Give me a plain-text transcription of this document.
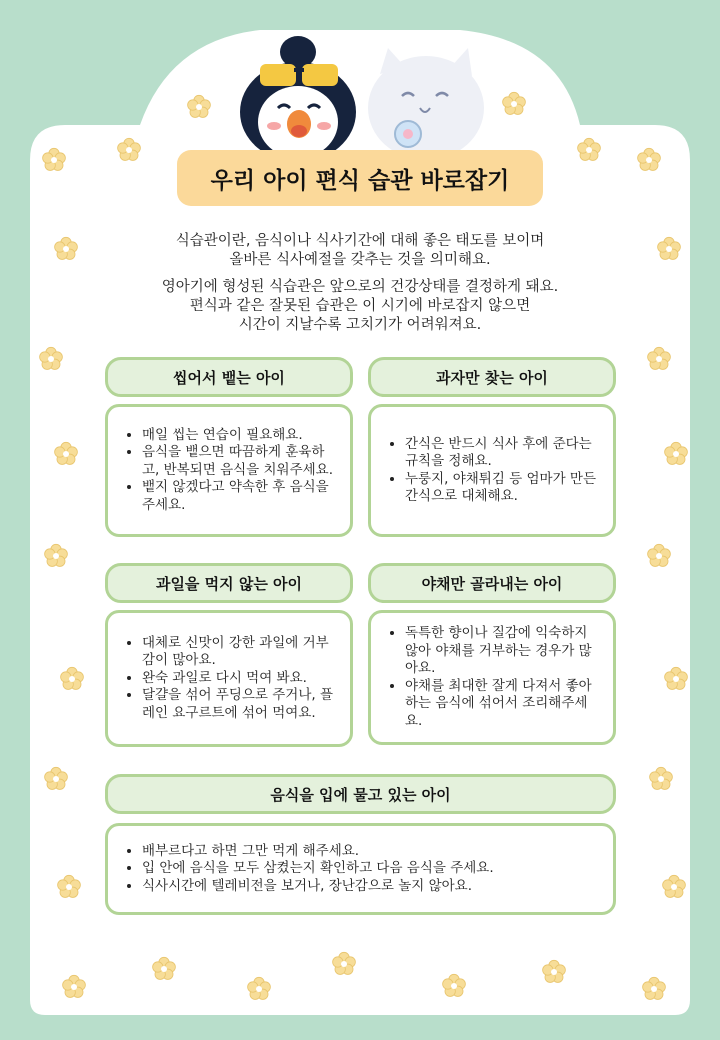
우리 아이 편식 습관 바로잡기

식습관이란, 음식이나 식사기간에 대해 좋은 태도를 보이며
올바른 식사예절을 갖추는 것을 의미해요.

영아기에 형성된 식습관은 앞으로의 건강상태를 결정하게 돼요.
편식과 같은 잘못된 습관은 이 시기에 바로잡지 않으면
시간이 지날수록 고치기가 어려워져요.

씹어서 뱉는 아이
• 매일 씹는 연습이 필요해요.
• 음식을 뱉으면 따끔하게 훈육하고, 반복되면 음식을 치워주세요.
• 뱉지 않겠다고 약속한 후 음식을 주세요.
과자만 찾는 아이
• 간식은 반드시 식사 후에 준다는 규칙을 정해요.
• 누룽지, 야채튀김 등 엄마가 만든 간식으로 대체해요.
과일을 먹지 않는 아이
• 대체로 신맛이 강한 과일에 거부감이 많아요.
• 완숙 과일로 다시 먹여 봐요.
• 달걀을 섞어 푸딩으로 주거나, 플레인 요구르트에 섞어 먹여요.
야채만 골라내는 아이
• 독특한 향이나 질감에 익숙하지 않아 야채를 거부하는 경우가 많아요.
• 야채를 최대한 잘게 다져서 좋아하는 음식에 섞어서 조리해주세요.
음식을 입에 물고 있는 아이
• 배부르다고 하면 그만 먹게 해주세요.
• 입 안에 음식을 모두 삼켰는지 확인하고 다음 음식을 주세요.
• 식사시간에 텔레비전을 보거나, 장난감으로 놀지 않아요.
